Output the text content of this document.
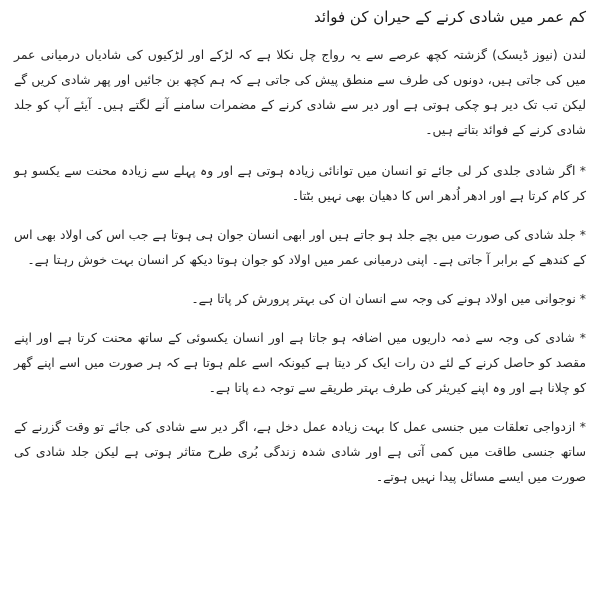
کم عمر میں شادی کرنے کے حیران کن فوائد

لندن (نیوز ڈیسک) گزشتہ کچھ عرصے سے یہ رواج چل نکلا ہے کہ لڑکے اور لڑکیوں کی شادیاں درمیانی عمر میں کی جاتی ہیں، دونوں کی طرف سے منطق پیش کی جاتی ہے کہ ہم کچھ بن جائیں اور پھر شادی کریں گے لیکن تب تک دیر ہو چکی ہوتی ہے اور دیر سے شادی کرنے کے مضمرات سامنے آنے لگتے ہیں۔ آیئے آپ کو جلد شادی کرنے کے فوائد بتاتے ہیں۔

* اگر شادی جلدی کر لی جائے تو انسان میں توانائی زیادہ ہوتی ہے اور وہ پہلے سے زیادہ محنت سے یکسو ہو کر کام کرتا ہے اور ادھر اُدھر اس کا دھیان بھی نہیں بٹتا۔

* جلد شادی کی صورت میں بچے جلد ہو جاتے ہیں اور ابھی انسان جوان ہی ہوتا ہے جب اس کی اولاد بھی اس کے کندھے کے برابر آ جاتی ہے۔ اپنی درمیانی عمر میں اولاد کو جوان ہوتا دیکھ کر انسان بہت خوش رہتا ہے۔

* نوجوانی میں اولاد ہونے کی وجہ سے انسان ان کی بہتر پرورش کر پاتا ہے۔

* شادی کی وجہ سے ذمہ داریوں میں اضافہ ہو جاتا ہے اور انسان یکسوئی کے ساتھ محنت کرتا ہے اور اپنے مقصد کو حاصل کرنے کے لئے دن رات ایک کر دیتا ہے کیونکہ اسے علم ہوتا ہے کہ ہر صورت میں اسے اپنے گھر کو چلانا ہے اور وہ اپنے کیریئر کی طرف بہتر طریقے سے توجہ دے پاتا ہے۔

* ازدواجی تعلقات میں جنسی عمل کا بہت زیادہ عمل دخل ہے، اگر دیر سے شادی کی جائے تو وقت گزرنے کے ساتھ جنسی طاقت میں کمی آتی ہے اور شادی شدہ زندگی بُری طرح متاثر ہوتی ہے لیکن جلد شادی کی صورت میں ایسے مسائل پیدا نہیں ہوتے۔
